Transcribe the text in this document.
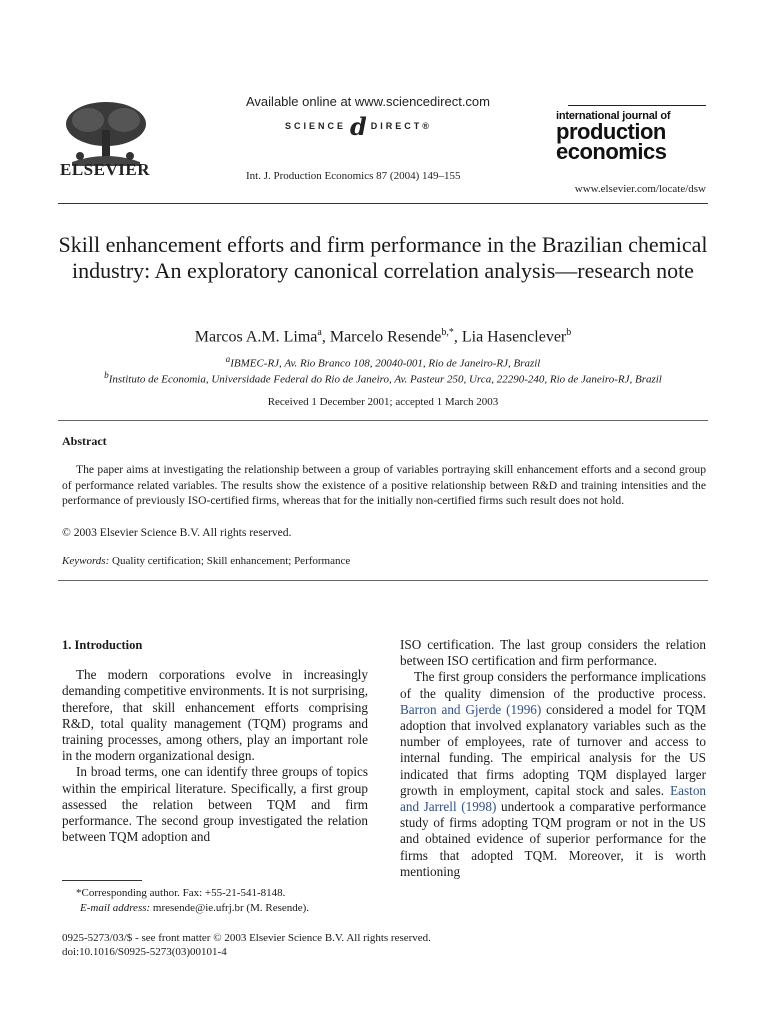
ELSEVIER
Available online at www.sciencedirect.com
SCIENCE d DIRECT®
Int. J. Production Economics 87 (2004) 149–155
international journal of
production
economics
www.elsevier.com/locate/dsw
Skill enhancement efforts and firm performance in the Brazilian chemical industry: An exploratory canonical correlation analysis—research note
Marcos A.M. Lima$^a$, Marcelo Resende$^{b,*}$, Lia Hasenclever$^b$
$^a$IBMEC-RJ, Av. Rio Branco 108, 20040-001, Rio de Janeiro-RJ, Brazil
$^b$Instituto de Economia, Universidade Federal do Rio de Janeiro, Av. Pasteur 250, Urca, 22290-240, Rio de Janeiro-RJ, Brazil
Received 1 December 2001; accepted 1 March 2003
Abstract
The paper aims at investigating the relationship between a group of variables portraying skill enhancement efforts and a second group of performance related variables. The results show the existence of a positive relationship between R&D and training intensities and the performance of previously ISO-certified firms, whereas that for the initially non-certified firms such result does not hold.
© 2003 Elsevier Science B.V. All rights reserved.
Keywords: Quality certification; Skill enhancement; Performance
1. Introduction

The modern corporations evolve in increasingly demanding competitive environments. It is not surprising, therefore, that skill enhancement efforts comprising R&D, total quality management (TQM) programs and training processes, among others, play an important role in the modern organizational design.

In broad terms, one can identify three groups of topics within the empirical literature. Specifically, a first group assessed the relation between TQM and firm performance. The second group investigated the relation between TQM adoption and

ISO certification. The last group considers the relation between ISO certification and firm performance.

The first group considers the performance implications of the quality dimension of the productive process. Barron and Gjerde (1996) considered a model for TQM adoption that involved explanatory variables such as the number of employees, rate of turnover and access to internal funding. The empirical analysis for the US indicated that firms adopting TQM displayed larger growth in employment, capital stock and sales. Easton and Jarrell (1998) undertook a comparative performance study of firms adopting TQM program or not in the US and obtained evidence of superior performance for the firms that adopted TQM. Moreover, it is worth mentioning

*Corresponding author. Fax: +55-21-541-8148.
E-mail address: mresende@ie.ufrj.br (M. Resende).
0925-5273/03/$ - see front matter © 2003 Elsevier Science B.V. All rights reserved.
doi:10.1016/S0925-5273(03)00101-4
